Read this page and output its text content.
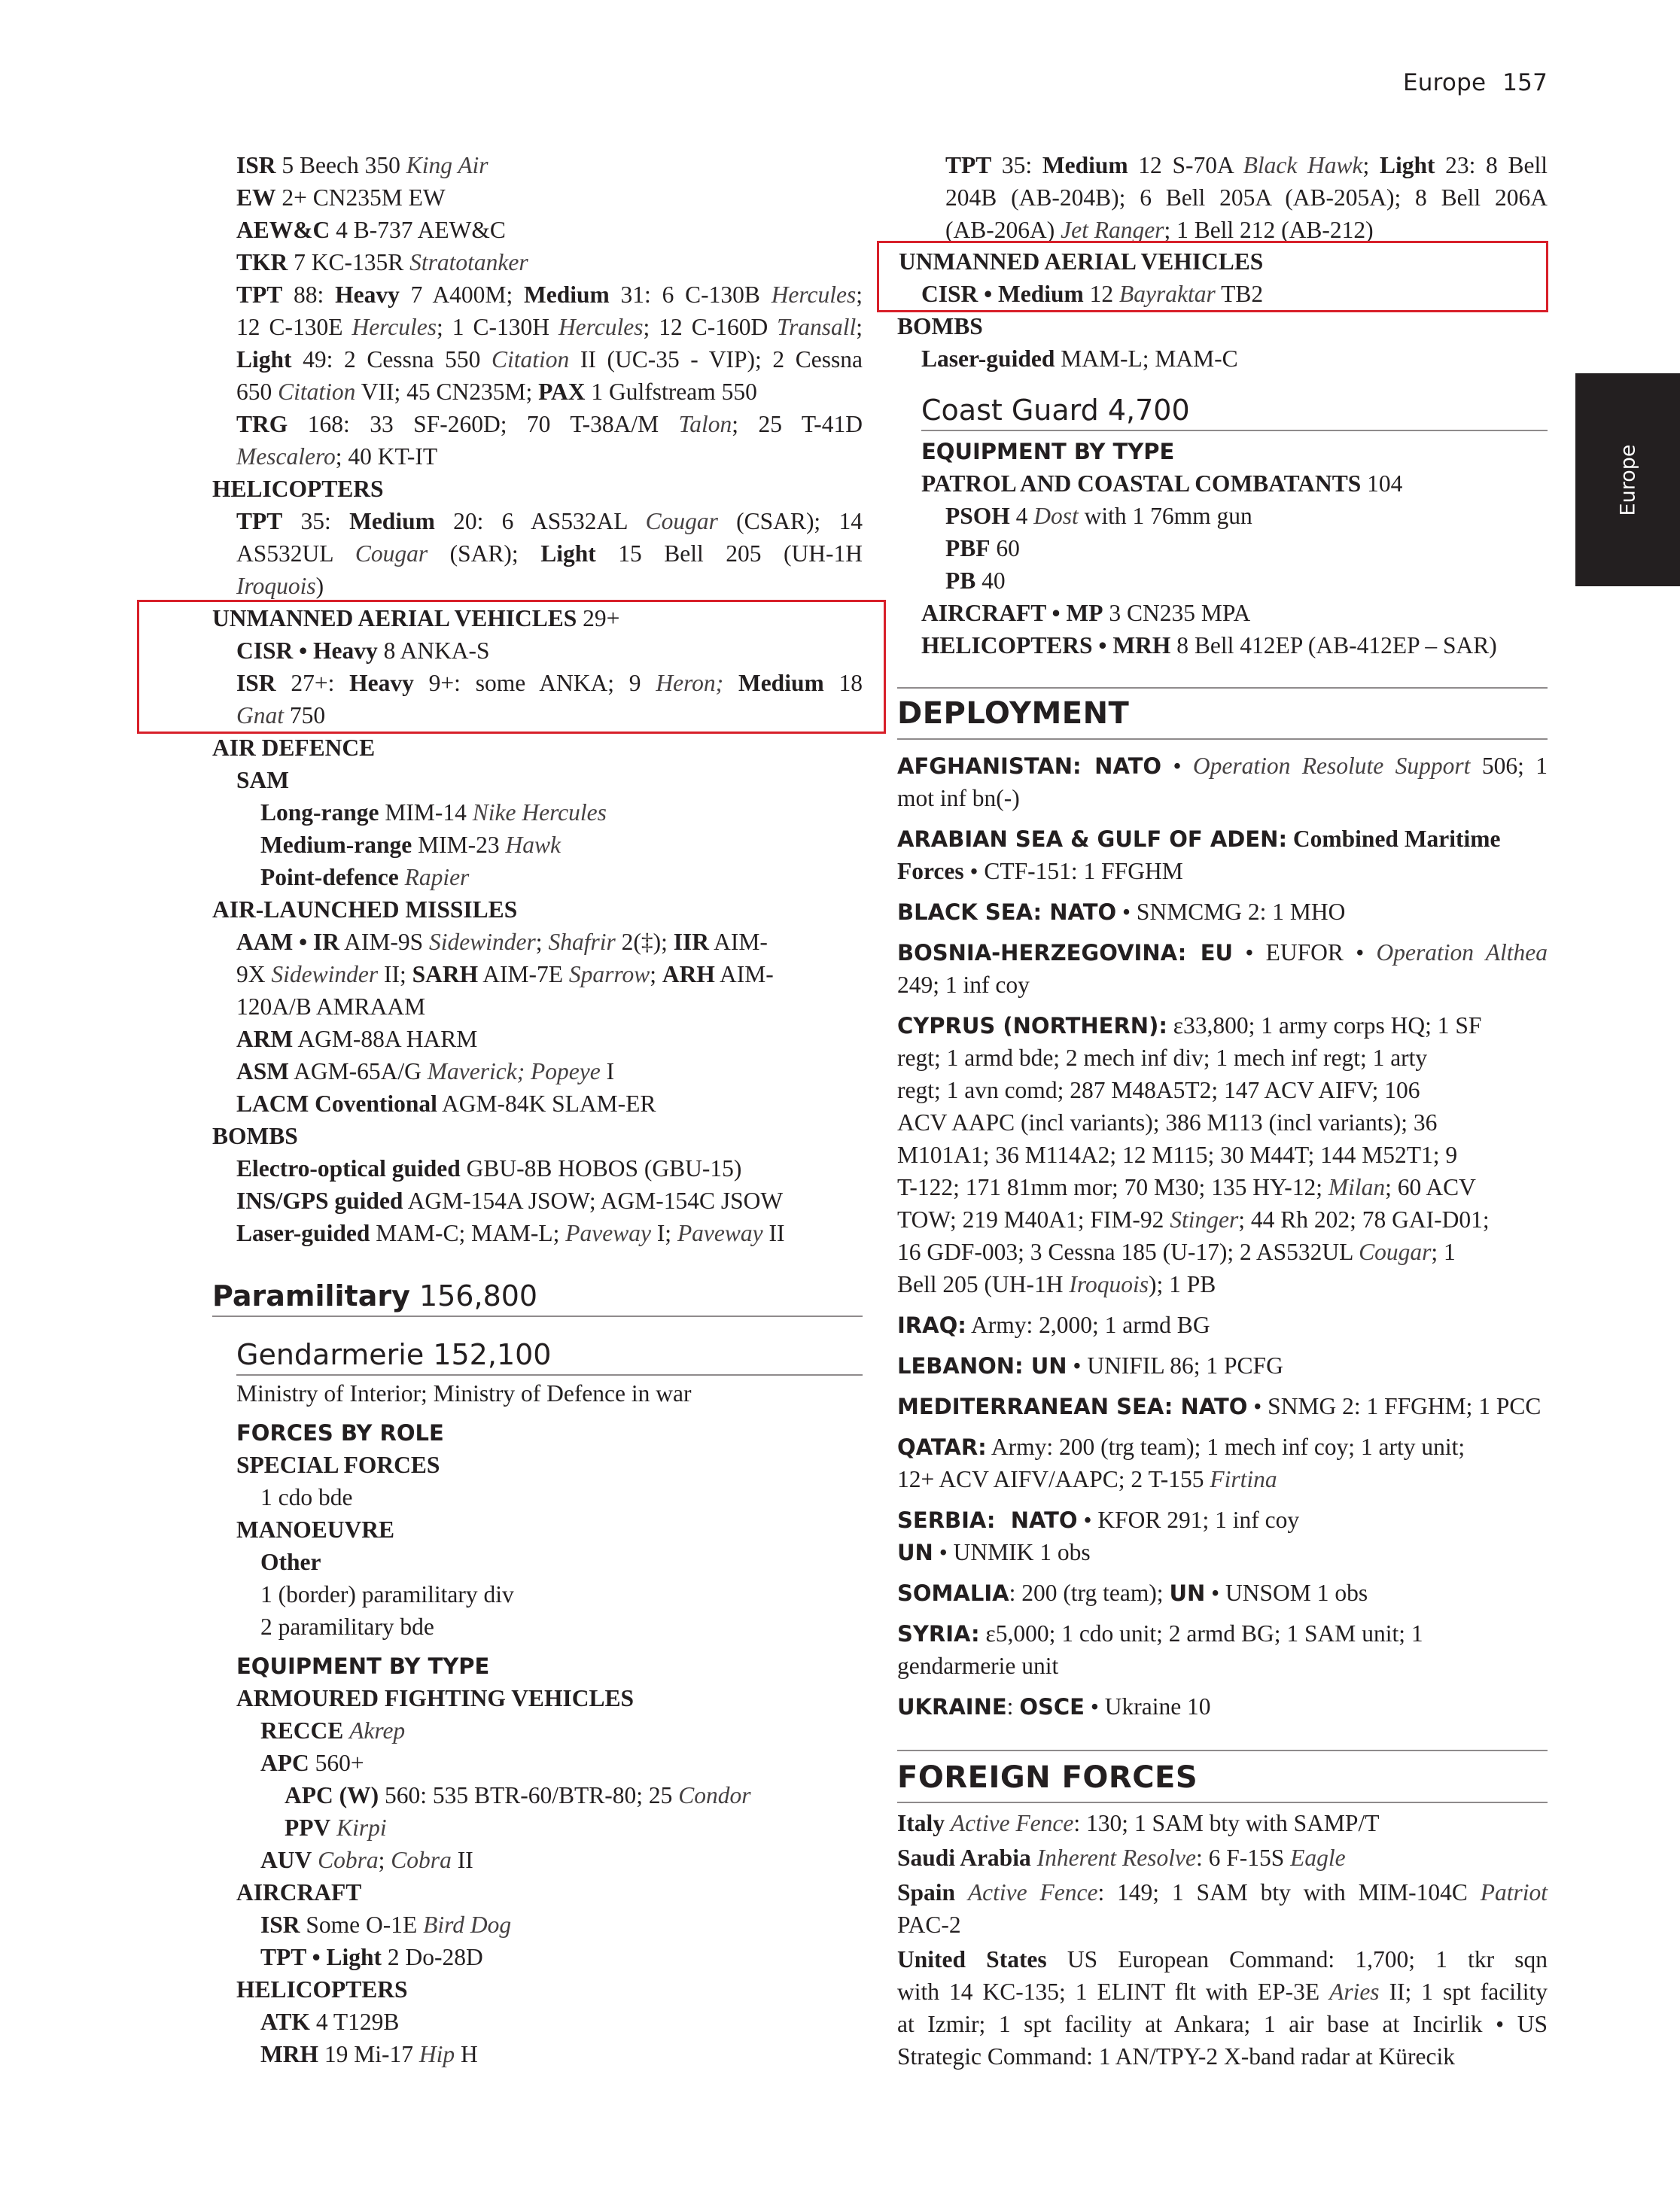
Europe 157
Europe
ISR 5 Beech 350 King Air
EW 2+ CN235M EW
AEW&C 4 B-737 AEW&C
TKR 7 KC-135R Stratotanker
TPT 88: Heavy 7 A400M; Medium 31: 6 C-130B Hercules;
12 C-130E Hercules; 1 C-130H Hercules; 12 C-160D Transall;
Light 49: 2 Cessna 550 Citation II (UC-35 - VIP); 2 Cessna
650 Citation VII; 45 CN235M; PAX 1 Gulfstream 550
TRG 168: 33 SF-260D; 70 T-38A/M Talon; 25 T-41D
Mescalero; 40 KT-IT
HELICOPTERS
TPT 35: Medium 20: 6 AS532AL Cougar (CSAR); 14
AS532UL Cougar (SAR); Light 15 Bell 205 (UH-1H
Iroquois)
UNMANNED AERIAL VEHICLES 29+
CISR • Heavy 8 ANKA-S
ISR 27+: Heavy 9+: some ANKA; 9 Heron; Medium 18
Gnat 750
AIR DEFENCE
SAM
Long-range MIM-14 Nike Hercules
Medium-range MIM-23 Hawk
Point-defence Rapier
AIR-LAUNCHED MISSILES
AAM • IR AIM-9S Sidewinder; Shafrir 2(‡); IIR AIM-
9X Sidewinder II; SARH AIM-7E Sparrow; ARH AIM-
120A/B AMRAAM
ARM AGM-88A HARM
ASM AGM-65A/G Maverick; Popeye I
LACM Coventional AGM-84K SLAM-ER
BOMBS
Electro-optical guided GBU-8B HOBOS (GBU-15)
INS/GPS guided AGM-154A JSOW; AGM-154C JSOW
Laser-guided MAM-C; MAM-L; Paveway I; Paveway II
Paramilitary 156,800
Gendarmerie 152,100
Ministry of Interior; Ministry of Defence in war
FORCES BY ROLE
SPECIAL FORCES
1 cdo bde
MANOEUVRE
Other
1 (border) paramilitary div
2 paramilitary bde
EQUIPMENT BY TYPE
ARMOURED FIGHTING VEHICLES
RECCE Akrep
APC 560+
APC (W) 560: 535 BTR-60/BTR-80; 25 Condor
PPV Kirpi
AUV Cobra; Cobra II
AIRCRAFT
ISR Some O-1E Bird Dog
TPT • Light 2 Do-28D
HELICOPTERS
ATK 4 T129B
MRH 19 Mi-17 Hip H
TPT 35: Medium 12 S-70A Black Hawk; Light 23: 8 Bell
204B (AB-204B); 6 Bell 205A (AB-205A); 8 Bell 206A
(AB-206A) Jet Ranger; 1 Bell 212 (AB-212)
UNMANNED AERIAL VEHICLES
CISR • Medium 12 Bayraktar TB2
BOMBS
Laser-guided MAM-L; MAM-C
Coast Guard 4,700
EQUIPMENT BY TYPE
PATROL AND COASTAL COMBATANTS 104
PSOH 4 Dost with 1 76mm gun
PBF 60
PB 40
AIRCRAFT • MP 3 CN235 MPA
HELICOPTERS • MRH 8 Bell 412EP (AB-412EP – SAR)
DEPLOYMENT
AFGHANISTAN: NATO • Operation Resolute Support 506; 1
mot inf bn(-)
ARABIAN SEA & GULF OF ADEN: Combined Maritime
Forces • CTF-151: 1 FFGHM
BLACK SEA: NATO • SNMCMG 2: 1 MHO
BOSNIA-HERZEGOVINA: EU • EUFOR • Operation Althea
249; 1 inf coy
CYPRUS (NORTHERN): ε33,800; 1 army corps HQ; 1 SF
regt; 1 armd bde; 2 mech inf div; 1 mech inf regt; 1 arty
regt; 1 avn comd; 287 M48A5T2; 147 ACV AIFV; 106
ACV AAPC (incl variants); 386 M113 (incl variants); 36
M101A1; 36 M114A2; 12 M115; 30 M44T; 144 M52T1; 9
T-122; 171 81mm mor; 70 M30; 135 HY-12; Milan; 60 ACV
TOW; 219 M40A1; FIM-92 Stinger; 44 Rh 202; 78 GAI-D01;
16 GDF-003; 3 Cessna 185 (U-17); 2 AS532UL Cougar; 1
Bell 205 (UH-1H Iroquois); 1 PB
IRAQ: Army: 2,000; 1 armd BG
LEBANON: UN • UNIFIL 86; 1 PCFG
MEDITERRANEAN SEA: NATO • SNMG 2: 1 FFGHM; 1 PCC
QATAR: Army: 200 (trg team); 1 mech inf coy; 1 arty unit;
12+ ACV AIFV/AAPC; 2 T-155 Firtina
SERBIA:  NATO • KFOR 291; 1 inf coy
UN • UNMIK 1 obs
SOMALIA: 200 (trg team); UN • UNSOM 1 obs
SYRIA: ε5,000; 1 cdo unit; 2 armd BG; 1 SAM unit; 1
gendarmerie unit
UKRAINE: OSCE • Ukraine 10
FOREIGN FORCES
Italy Active Fence: 130; 1 SAM bty with SAMP/T
Saudi Arabia Inherent Resolve: 6 F-15S Eagle
Spain Active Fence: 149; 1 SAM bty with MIM-104C Patriot
PAC-2
United States US European Command: 1,700; 1 tkr sqn
with 14 KC-135; 1 ELINT flt with EP-3E Aries II; 1 spt facility
at Izmir; 1 spt facility at Ankara; 1 air base at Incirlik • US
Strategic Command: 1 AN/TPY-2 X-band radar at Kürecik
